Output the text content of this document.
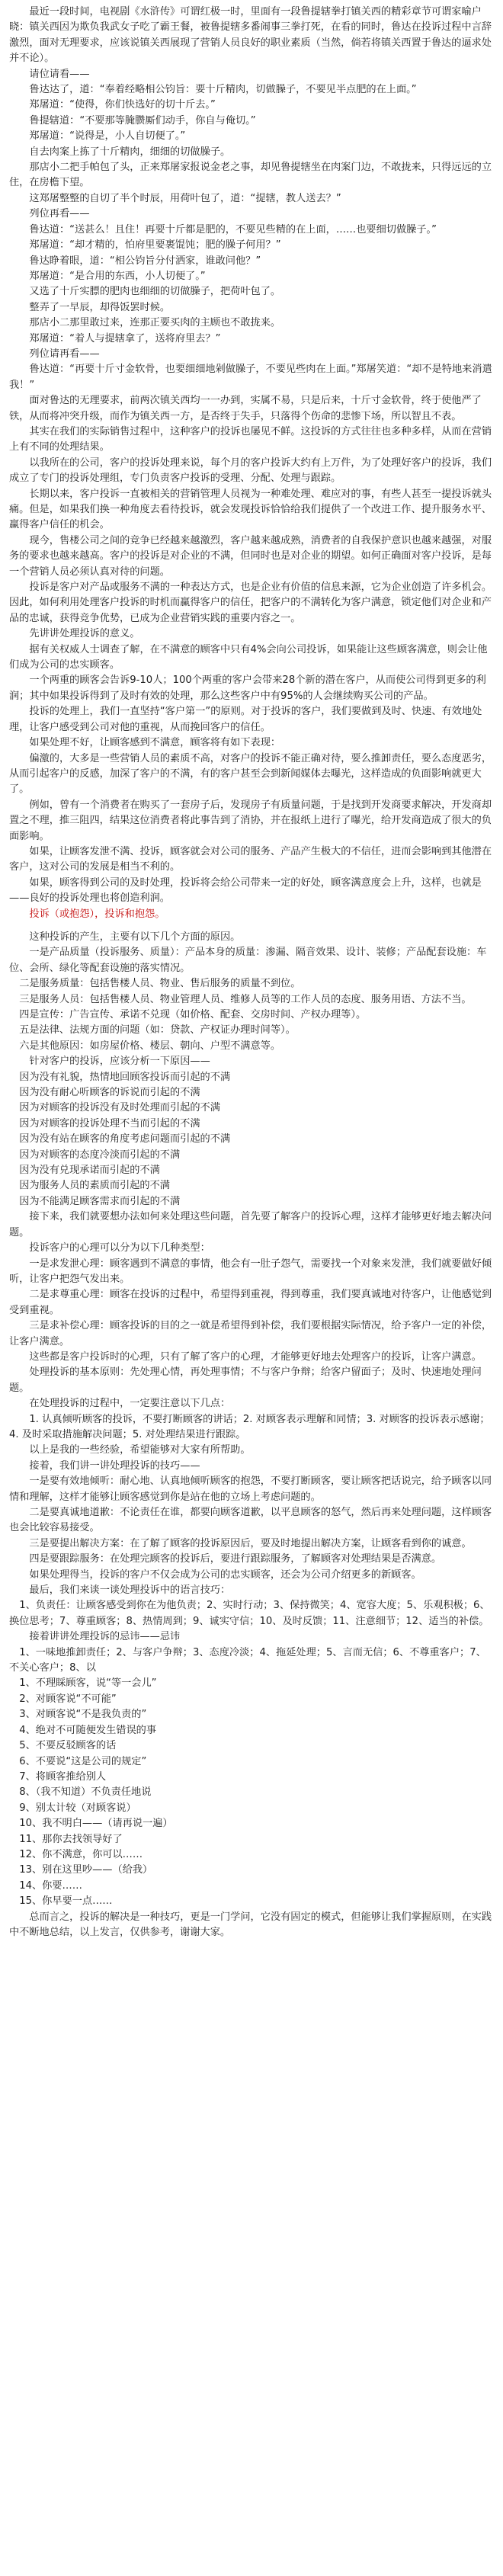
最近一段时间，电视剧《水浒传》可谓红极一时，里面有一段鲁提辖拳打镇关西的精彩章节可谓家喻户晓：镇关西因为欺负我武女子吃了霸王餐，被鲁提辖多番闹事三拳打死，在看的同时，鲁达在投诉过程中言辞激烈，面对无理要求，应该说镇关西展现了营销人员良好的职业素质（当然，倘若将镇关西置于鲁达的逼求处并不论）。

请位请看——

鲁达达了，道：“奉着经略相公钧旨：要十斤精肉，切做臊子，不要见半点肥的在上面。”

郑屠道：“使得，你们快选好的切十斤去。”

鲁提辖道：“不要那等腌臜厮们动手，你自与俺切。”

郑屠道：“说得是，小人自切便了。”

自去肉案上拣了十斤精肉，细细的切做臊子。

那店小二把手帕包了头，正来郑屠家报说金老之事，却见鲁提辖坐在肉案门边，不敢拢来，只得远远的立住，在房檐下望。

这郑屠整整的自切了半个时辰，用荷叶包了，道：“提辖，教人送去？”

列位再看——

鲁达道：“送甚么！且住！再要十斤都是肥的，不要见些精的在上面，……也要细切做臊子。”

郑屠道：“却才精的，怕府里要裹馄饨；肥的臊子何用？”

鲁达睁着眼，道：“相公钧旨分付洒家，谁敢问他？”

郑屠道：“是合用的东西，小人切便了。”

又选了十斤实膘的肥肉也细细的切做臊子，把荷叶包了。

整弄了一早辰，却得饭罢时候。

那店小二那里敢过来，连那正要买肉的主顾也不敢拢来。

郑屠道：“着人与提辖拿了，送将府里去？”

列位请再看——

鲁达道：“再要十斤寸金软骨，也要细细地剁做臊子，不要见些肉在上面。”郑屠笑道：“却不是特地来消遣我！”

面对鲁达的无理要求，前两次镇关西均一一办到，实属不易，只是后来，十斤寸金软骨，终于使他严了铁，从而将冲突升级，而作为镇关西一方，是否终于失手，只落得个伤命的悲惨下场，所以智且不表。

其实在我们的实际销售过程中，这种客户的投诉也屡见不鲜。这投诉的方式往往也多种多样，从而在营销上有不同的处理结果。

以我所在的公司，客户的投诉处理来说，每个月的客户投诉大约有上万件，为了处理好客户的投诉，我们成立了专门的投诉处理组，专门负责客户投诉的受理、分配、处理与跟踪。

长期以来，客户投诉一直被相关的营销管理人员视为一种难处理、难应对的事，有些人甚至一提投诉就头痛。但是，如果我们换一种角度去看待投诉，就会发现投诉恰恰给我们提供了一个改进工作、提升服务水平、赢得客户信任的机会。

现今，售楼公司之间的竞争已经越来越激烈，客户越来越成熟，消费者的自我保护意识也越来越强，对服务的要求也越来越高。客户的投诉是对企业的不满，但同时也是对企业的期望。如何正确面对客户投诉，是每一个营销人员必须认真对待的问题。

投诉是客户对产品或服务不满的一种表达方式，也是企业有价值的信息来源，它为企业创造了许多机会。因此，如何利用处理客户投诉的时机而赢得客户的信任，把客户的不满转化为客户满意，锁定他们对企业和产品的忠诚，获得竞争优势，已成为企业营销实践的重要内容之一。

先讲讲处理投诉的意义。

据有关权威人士调查了解，在不满意的顾客中只有4%会向公司投诉，如果能让这些顾客满意，则会让他们成为公司的忠实顾客。

一个两重的顾客会告诉9-10人；100个两重的客户会带来28个新的潜在客户，从而使公司得到更多的利润；其中如果投诉得到了及时有效的处理，那么这些客户中有95%的人会继续购买公司的产品。

投诉的处理上，我们一直坚持“客户第一”的原则。对于投诉的客户，我们要做到及时、快速、有效地处理，让客户感受到公司对他的重视，从而挽回客户的信任。

如果处理不好，让顾客感到不满意，顾客将有如下表现：

偏激的，大多是一些营销人员的素质不高，对客户的投诉不能正确对待，要么推卸责任，要么态度恶劣，从而引起客户的反感，加深了客户的不满，有的客户甚至会到新闻媒体去曝光，这样造成的负面影响就更大了。

例如，曾有一个消费者在购买了一套房子后，发现房子有质量问题，于是找到开发商要求解决，开发商却置之不理，推三阻四，结果这位消费者将此事告到了消协，并在报纸上进行了曝光，给开发商造成了很大的负面影响。

如果，让顾客发泄不满、投诉，顾客就会对公司的服务、产品产生极大的不信任，进而会影响到其他潜在客户，这对公司的发展是相当不利的。

如果，顾客得到公司的及时处理，投诉将会给公司带来一定的好处，顾客满意度会上升，这样，也就是——良好的投诉处理也将创造利润。

投诉（或抱怨），投诉和抱怨。

这种投诉的产生，主要有以下几个方面的原因。

一是产品质量（投诉服务、质量）：产品本身的质量：渗漏、隔音效果、设计、装修；产品配套设施：车位、会所、绿化等配套设施的落实情况。

二是服务质量：包括售楼人员、物业、售后服务的质量不到位。

三是服务人员：包括售楼人员、物业管理人员、维修人员等的工作人员的态度、服务用语、方法不当。

四是宣传：广告宣传、承诺不兑现（如价格、配套、交房时间、产权办理等）。

五是法律、法规方面的问题（如：贷款、产权证办理时间等）。

六是其他原因：如房屋价格、楼层、朝向、户型不满意等。

针对客户的投诉，应该分析一下原因——

因为没有礼貌，热情地回顾客投诉而引起的不满

因为没有耐心听顾客的诉说而引起的不满

因为对顾客的投诉没有及时处理而引起的不满

因为对顾客的投诉处理不当而引起的不满

因为没有站在顾客的角度考虑问题而引起的不满

因为对顾客的态度冷淡而引起的不满

因为没有兑现承诺而引起的不满

因为服务人员的素质而引起的不满

因为不能满足顾客需求而引起的不满

接下来，我们就要想办法如何来处理这些问题，首先要了解客户的投诉心理，这样才能够更好地去解决问题。

投诉客户的心理可以分为以下几种类型：

一是求发泄心理：顾客遇到不满意的事情，他会有一肚子怨气，需要找一个对象来发泄，我们就要做好倾听，让客户把怨气发出来。

二是求尊重心理：顾客在投诉的过程中，希望得到重视，得到尊重，我们要真诚地对待客户，让他感觉到受到重视。

三是求补偿心理：顾客投诉的目的之一就是希望得到补偿，我们要根据实际情况，给予客户一定的补偿，让客户满意。

这些都是客户投诉时的心理，只有了解了客户的心理，才能够更好地去处理客户的投诉，让客户满意。

处理投诉的基本原则：先处理心情，再处理事情；不与客户争辩；给客户留面子；及时、快速地处理问题。

在处理投诉的过程中，一定要注意以下几点：

1. 认真倾听顾客的投诉，不要打断顾客的讲话；2. 对顾客表示理解和同情；3. 对顾客的投诉表示感谢；4. 及时采取措施解决问题；5. 对处理结果进行跟踪。

以上是我的一些经验，希望能够对大家有所帮助。

接着，我们讲一讲处理投诉的技巧——

一是要有效地倾听：耐心地、认真地倾听顾客的抱怨，不要打断顾客，要让顾客把话说完，给予顾客以同情和理解，这样才能够让顾客感觉到你是站在他的立场上考虑问题的。

二是要真诚地道歉：不论责任在谁，都要向顾客道歉，以平息顾客的怒气，然后再来处理问题，这样顾客也会比较容易接受。

三是要提出解决方案：在了解了顾客的投诉原因后，要及时地提出解决方案，让顾客看到你的诚意。

四是要跟踪服务：在处理完顾客的投诉后，要进行跟踪服务，了解顾客对处理结果是否满意。

如果处理得当，投诉的客户不仅会成为公司的忠实顾客，还会为公司介绍更多的新顾客。

最后，我们来谈一谈处理投诉中的语言技巧：

1、负责任：让顾客感受到你在为他负责；2、实时行动；3、保持微笑；4、宽容大度；5、乐观积极；6、换位思考；7、尊重顾客；8、热情周到；9、诚实守信；10、及时反馈；11、注意细节；12、适当的补偿。

接着讲讲处理投诉的忌讳——忌讳

1、一味地推卸责任；2、与客户争辩；3、态度冷淡；4、拖延处理；5、言而无信；6、不尊重客户；7、不关心客户；8、以

1、不理睬顾客，说“等一会儿”

2、对顾客说“不可能”

3、对顾客说“不是我负责的”

4、绝对不可随便发生错误的事

5、不要反驳顾客的话

6、不要说“这是公司的规定”

7、将顾客推给别人

8、（我不知道）不负责任地说

9、别太计较（对顾客说）

10、我不明白——（请再说一遍）

11、那你去找领导好了

12、你不满意，你可以……

13、别在这里吵——（给我）

14、你要……

15、你早要一点……

总而言之，投诉的解决是一种技巧，更是一门学问，它没有固定的模式，但能够让我们掌握原则，在实践中不断地总结，以上发言，仅供参考，谢谢大家。
